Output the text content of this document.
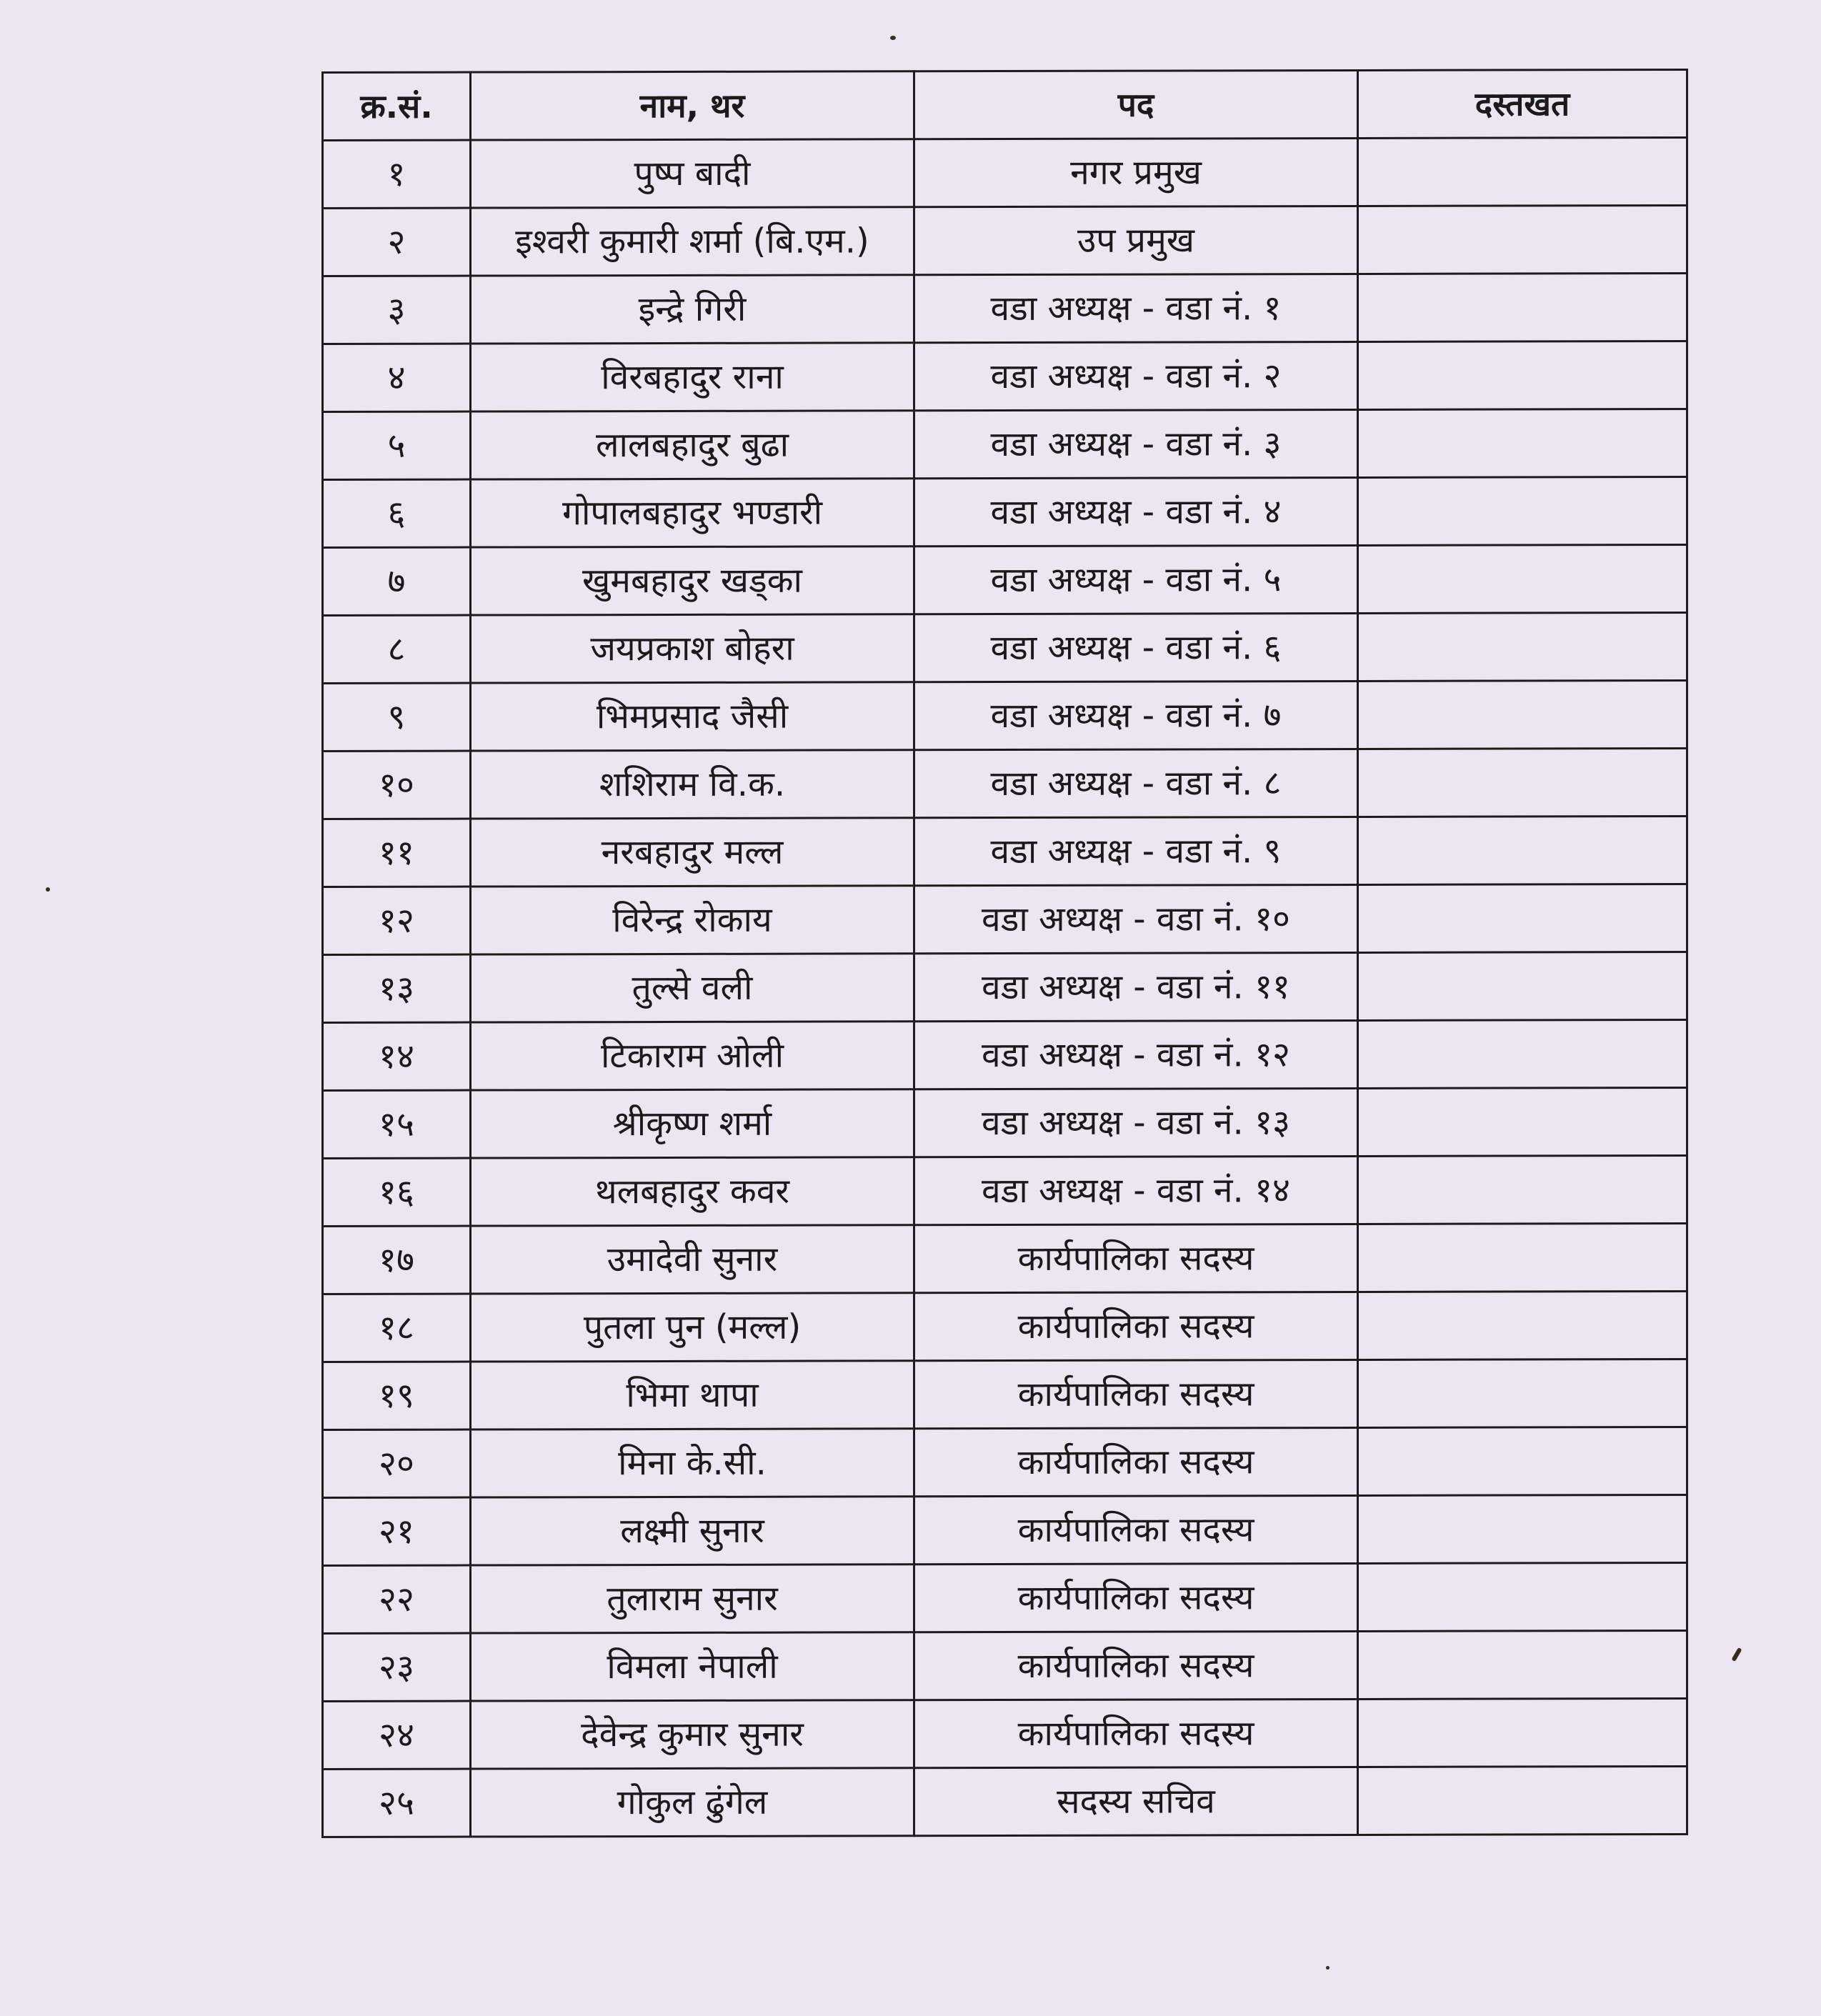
क्र.सं.	नाम, थर	पद	दस्तखत
१	पुष्प बादी	नगर प्रमुख	
२	इश्वरी कुमारी शर्मा (बि.एम.)	उप प्रमुख	
३	इन्द्रे गिरी	वडा अध्यक्ष - वडा नं. १	
४	विरबहादुर राना	वडा अध्यक्ष - वडा नं. २	
५	लालबहादुर बुढा	वडा अध्यक्ष - वडा नं. ३	
६	गोपालबहादुर भण्डारी	वडा अध्यक्ष - वडा नं. ४	
७	खुमबहादुर खड्का	वडा अध्यक्ष - वडा नं. ५	
८	जयप्रकाश बोहरा	वडा अध्यक्ष - वडा नं. ६	
९	भिमप्रसाद जैसी	वडा अध्यक्ष - वडा नं. ७	
१०	शशिराम वि.क.	वडा अध्यक्ष - वडा नं. ८	
११	नरबहादुर मल्ल	वडा अध्यक्ष - वडा नं. ९	
१२	विरेन्द्र रोकाय	वडा अध्यक्ष - वडा नं. १०	
१३	तुल्से वली	वडा अध्यक्ष - वडा नं. ११	
१४	टिकाराम ओली	वडा अध्यक्ष - वडा नं. १२	
१५	श्रीकृष्ण शर्मा	वडा अध्यक्ष - वडा नं. १३	
१६	थलबहादुर कवर	वडा अध्यक्ष - वडा नं. १४	
१७	उमादेवी सुनार	कार्यपालिका सदस्य	
१८	पुतला पुन (मल्ल)	कार्यपालिका सदस्य	
१९	भिमा थापा	कार्यपालिका सदस्य	
२०	मिना के.सी.	कार्यपालिका सदस्य	
२१	लक्ष्मी सुनार	कार्यपालिका सदस्य	
२२	तुलाराम सुनार	कार्यपालिका सदस्य	
२३	विमला नेपाली	कार्यपालिका सदस्य	
२४	देवेन्द्र कुमार सुनार	कार्यपालिका सदस्य	
२५	गोकुल ढुंगेल	सदस्य सचिव	
